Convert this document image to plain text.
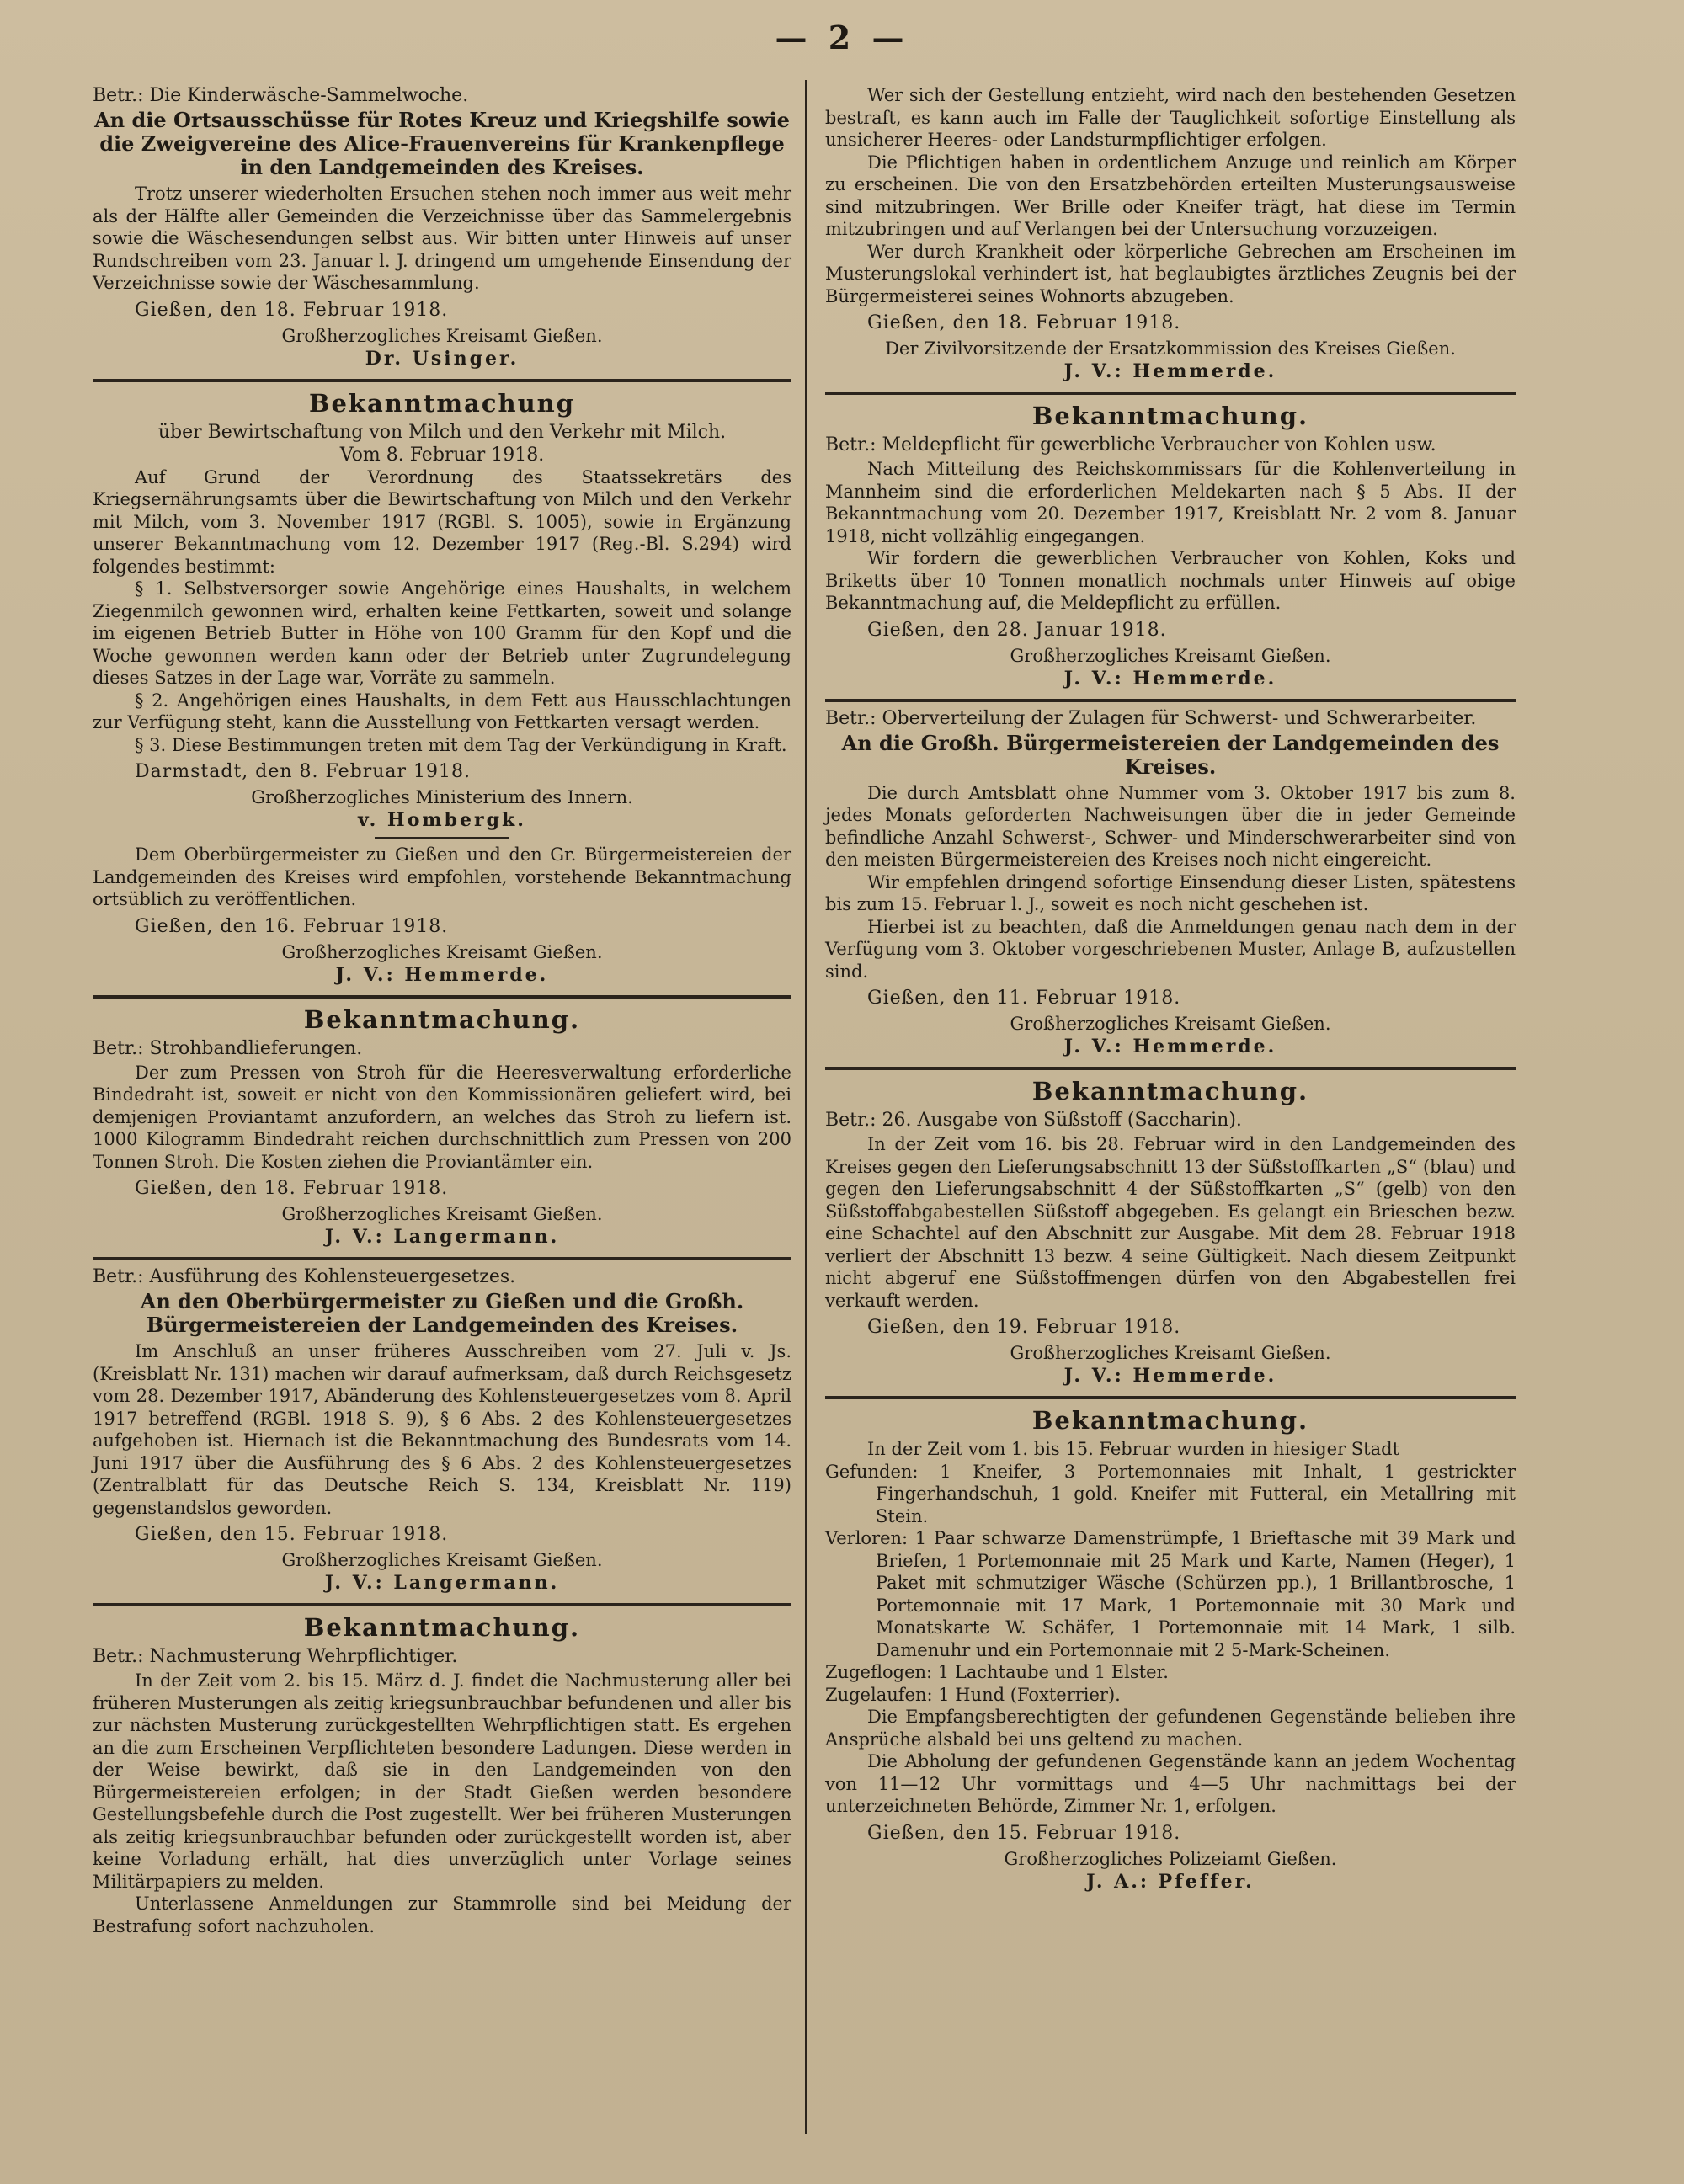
— 2 —
Betr.: Die Kinderwäsche-Sammelwoche.
An die Ortsausschüsse für Rotes Kreuz und Kriegshilfe sowie die Zweigvereine des Alice-Frauenvereins für Krankenpflege in den Landgemeinden des Kreises.

Trotz unserer wiederholten Ersuchen stehen noch immer aus weit mehr als der Hälfte aller Gemeinden die Verzeichnisse über das Sammelergebnis sowie die Wäschesendungen selbst aus. Wir bitten unter Hinweis auf unser Rundschreiben vom 23. Januar l. J. dringend um umgehende Einsendung der Verzeichnisse sowie der Wäschesammlung.

Gießen, den 18. Februar 1918.
Großherzogliches Kreisamt Gießen.
Dr. Usinger.
Bekanntmachung
über Bewirtschaftung von Milch und den Verkehr mit Milch.
Vom 8. Februar 1918.

Auf Grund der Verordnung des Staatssekretärs des Kriegsernährungsamts über die Bewirtschaftung von Milch und den Verkehr mit Milch, vom 3. November 1917 (RGBl. S. 1005), sowie in Ergänzung unserer Bekanntmachung vom 12. Dezember 1917 (Reg.-Bl. S.294) wird folgendes bestimmt:

§ 1. Selbstversorger sowie Angehörige eines Haushalts, in welchem Ziegenmilch gewonnen wird, erhalten keine Fettkarten, soweit und solange im eigenen Betrieb Butter in Höhe von 100 Gramm für den Kopf und die Woche gewonnen werden kann oder der Betrieb unter Zugrundelegung dieses Satzes in der Lage war, Vorräte zu sammeln.

§ 2. Angehörigen eines Haushalts, in dem Fett aus Hausschlachtungen zur Verfügung steht, kann die Ausstellung von Fettkarten versagt werden.

§ 3. Diese Bestimmungen treten mit dem Tag der Verkündigung in Kraft.

Darmstadt, den 8. Februar 1918.
Großherzogliches Ministerium des Innern.
v. Hombergk.

Dem Oberbürgermeister zu Gießen und den Gr. Bürgermeistereien der Landgemeinden des Kreises wird empfohlen, vorstehende Bekanntmachung ortsüblich zu veröffentlichen.

Gießen, den 16. Februar 1918.
Großherzogliches Kreisamt Gießen.
J. V.: Hemmerde.
Bekanntmachung.
Betr.: Strohbandlieferungen.

Der zum Pressen von Stroh für die Heeresverwaltung erforderliche Bindedraht ist, soweit er nicht von den Kommissionären geliefert wird, bei demjenigen Proviantamt anzufordern, an welches das Stroh zu liefern ist. 1000 Kilogramm Bindedraht reichen durchschnittlich zum Pressen von 200 Tonnen Stroh. Die Kosten ziehen die Proviantämter ein.

Gießen, den 18. Februar 1918.
Großherzogliches Kreisamt Gießen.
J. V.: Langermann.
Betr.: Ausführung des Kohlensteuergesetzes.
An den Oberbürgermeister zu Gießen und die Großh. Bürgermeistereien der Landgemeinden des Kreises.

Im Anschluß an unser früheres Ausschreiben vom 27. Juli v. Js. (Kreisblatt Nr. 131) machen wir darauf aufmerksam, daß durch Reichsgesetz vom 28. Dezember 1917, Abänderung des Kohlensteuergesetzes vom 8. April 1917 betreffend (RGBl. 1918 S. 9), § 6 Abs. 2 des Kohlensteuergesetzes aufgehoben ist. Hiernach ist die Bekanntmachung des Bundesrats vom 14. Juni 1917 über die Ausführung des § 6 Abs. 2 des Kohlensteuergesetzes (Zentralblatt für das Deutsche Reich S. 134, Kreisblatt Nr. 119) gegenstandslos geworden.

Gießen, den 15. Februar 1918.
Großherzogliches Kreisamt Gießen.
J. V.: Langermann.
Bekanntmachung.
Betr.: Nachmusterung Wehrpflichtiger.

In der Zeit vom 2. bis 15. März d. J. findet die Nachmusterung aller bei früheren Musterungen als zeitig kriegsunbrauchbar befundenen und aller bis zur nächsten Musterung zurückgestellten Wehrpflichtigen statt. Es ergehen an die zum Erscheinen Verpflichteten besondere Ladungen. Diese werden in der Weise bewirkt, daß sie in den Landgemeinden von den Bürgermeistereien erfolgen; in der Stadt Gießen werden besondere Gestellungsbefehle durch die Post zugestellt. Wer bei früheren Musterungen als zeitig kriegsunbrauchbar befunden oder zurückgestellt worden ist, aber keine Vorladung erhält, hat dies unverzüglich unter Vorlage seines Militärpapiers zu melden.

Unterlassene Anmeldungen zur Stammrolle sind bei Meidung der Bestrafung sofort nachzuholen.

Wer sich der Gestellung entzieht, wird nach den bestehenden Gesetzen bestraft, es kann auch im Falle der Tauglichkeit sofortige Einstellung als unsicherer Heeres- oder Landsturmpflichtiger erfolgen.

Die Pflichtigen haben in ordentlichem Anzuge und reinlich am Körper zu erscheinen. Die von den Ersatzbehörden erteilten Musterungsausweise sind mitzubringen. Wer Brille oder Kneifer trägt, hat diese im Termin mitzubringen und auf Verlangen bei der Untersuchung vorzuzeigen.

Wer durch Krankheit oder körperliche Gebrechen am Erscheinen im Musterungslokal verhindert ist, hat beglaubigtes ärztliches Zeugnis bei der Bürgermeisterei seines Wohnorts abzugeben.

Gießen, den 18. Februar 1918.
Der Zivilvorsitzende der Ersatzkommission des Kreises Gießen.
J. V.: Hemmerde.
Bekanntmachung.
Betr.: Meldepflicht für gewerbliche Verbraucher von Kohlen usw.

Nach Mitteilung des Reichskommissars für die Kohlenverteilung in Mannheim sind die erforderlichen Meldekarten nach § 5 Abs. II der Bekanntmachung vom 20. Dezember 1917, Kreisblatt Nr. 2 vom 8. Januar 1918, nicht vollzählig eingegangen.

Wir fordern die gewerblichen Verbraucher von Kohlen, Koks und Briketts über 10 Tonnen monatlich nochmals unter Hinweis auf obige Bekanntmachung auf, die Meldepflicht zu erfüllen.

Gießen, den 28. Januar 1918.
Großherzogliches Kreisamt Gießen.
J. V.: Hemmerde.
Betr.: Oberverteilung der Zulagen für Schwerst- und Schwerarbeiter.
An die Großh. Bürgermeistereien der Landgemeinden des Kreises.

Die durch Amtsblatt ohne Nummer vom 3. Oktober 1917 bis zum 8. jedes Monats geforderten Nachweisungen über die in jeder Gemeinde befindliche Anzahl Schwerst-, Schwer- und Minderschwerarbeiter sind von den meisten Bürgermeistereien des Kreises noch nicht eingereicht.

Wir empfehlen dringend sofortige Einsendung dieser Listen, spätestens bis zum 15. Februar l. J., soweit es noch nicht geschehen ist.

Hierbei ist zu beachten, daß die Anmeldungen genau nach dem in der Verfügung vom 3. Oktober vorgeschriebenen Muster, Anlage B, aufzustellen sind.

Gießen, den 11. Februar 1918.
Großherzogliches Kreisamt Gießen.
J. V.: Hemmerde.
Bekanntmachung.
Betr.: 26. Ausgabe von Süßstoff (Saccharin).

In der Zeit vom 16. bis 28. Februar wird in den Landgemeinden des Kreises gegen den Lieferungsabschnitt 13 der Süßstoffkarten „S“ (blau) und gegen den Lieferungsabschnitt 4 der Süßstoffkarten „S“ (gelb) von den Süßstoffabgabestellen Süßstoff abgegeben. Es gelangt ein Brieschen bezw. eine Schachtel auf den Abschnitt zur Ausgabe. Mit dem 28. Februar 1918 verliert der Abschnitt 13 bezw. 4 seine Gültigkeit. Nach diesem Zeitpunkt nicht abgeruf ene Süßstoffmengen dürfen von den Abgabestellen frei verkauft werden.

Gießen, den 19. Februar 1918.
Großherzogliches Kreisamt Gießen.
J. V.: Hemmerde.
Bekanntmachung.

In der Zeit vom 1. bis 15. Februar wurden in hiesiger Stadt

Gefunden: 1 Kneifer, 3 Portemonnaies mit Inhalt, 1 gestrickter Fingerhandschuh, 1 gold. Kneifer mit Futteral, ein Metallring mit Stein.

Verloren: 1 Paar schwarze Damenstrümpfe, 1 Brieftasche mit 39 Mark und Briefen, 1 Portemonnaie mit 25 Mark und Karte, Namen (Heger), 1 Paket mit schmutziger Wäsche (Schürzen pp.), 1 Brillantbrosche, 1 Portemonnaie mit 17 Mark, 1 Portemonnaie mit 30 Mark und Monatskarte W. Schäfer, 1 Portemonnaie mit 14 Mark, 1 silb. Damenuhr und ein Portemonnaie mit 2 5-Mark-Scheinen.

Zugeflogen: 1 Lachtaube und 1 Elster.

Zugelaufen: 1 Hund (Foxterrier).

Die Empfangsberechtigten der gefundenen Gegenstände belieben ihre Ansprüche alsbald bei uns geltend zu machen.

Die Abholung der gefundenen Gegenstände kann an jedem Wochentag von 11—12 Uhr vormittags und 4—5 Uhr nachmittags bei der unterzeichneten Behörde, Zimmer Nr. 1, erfolgen.

Gießen, den 15. Februar 1918.
Großherzogliches Polizeiamt Gießen.
J. A.: Pfeffer.
